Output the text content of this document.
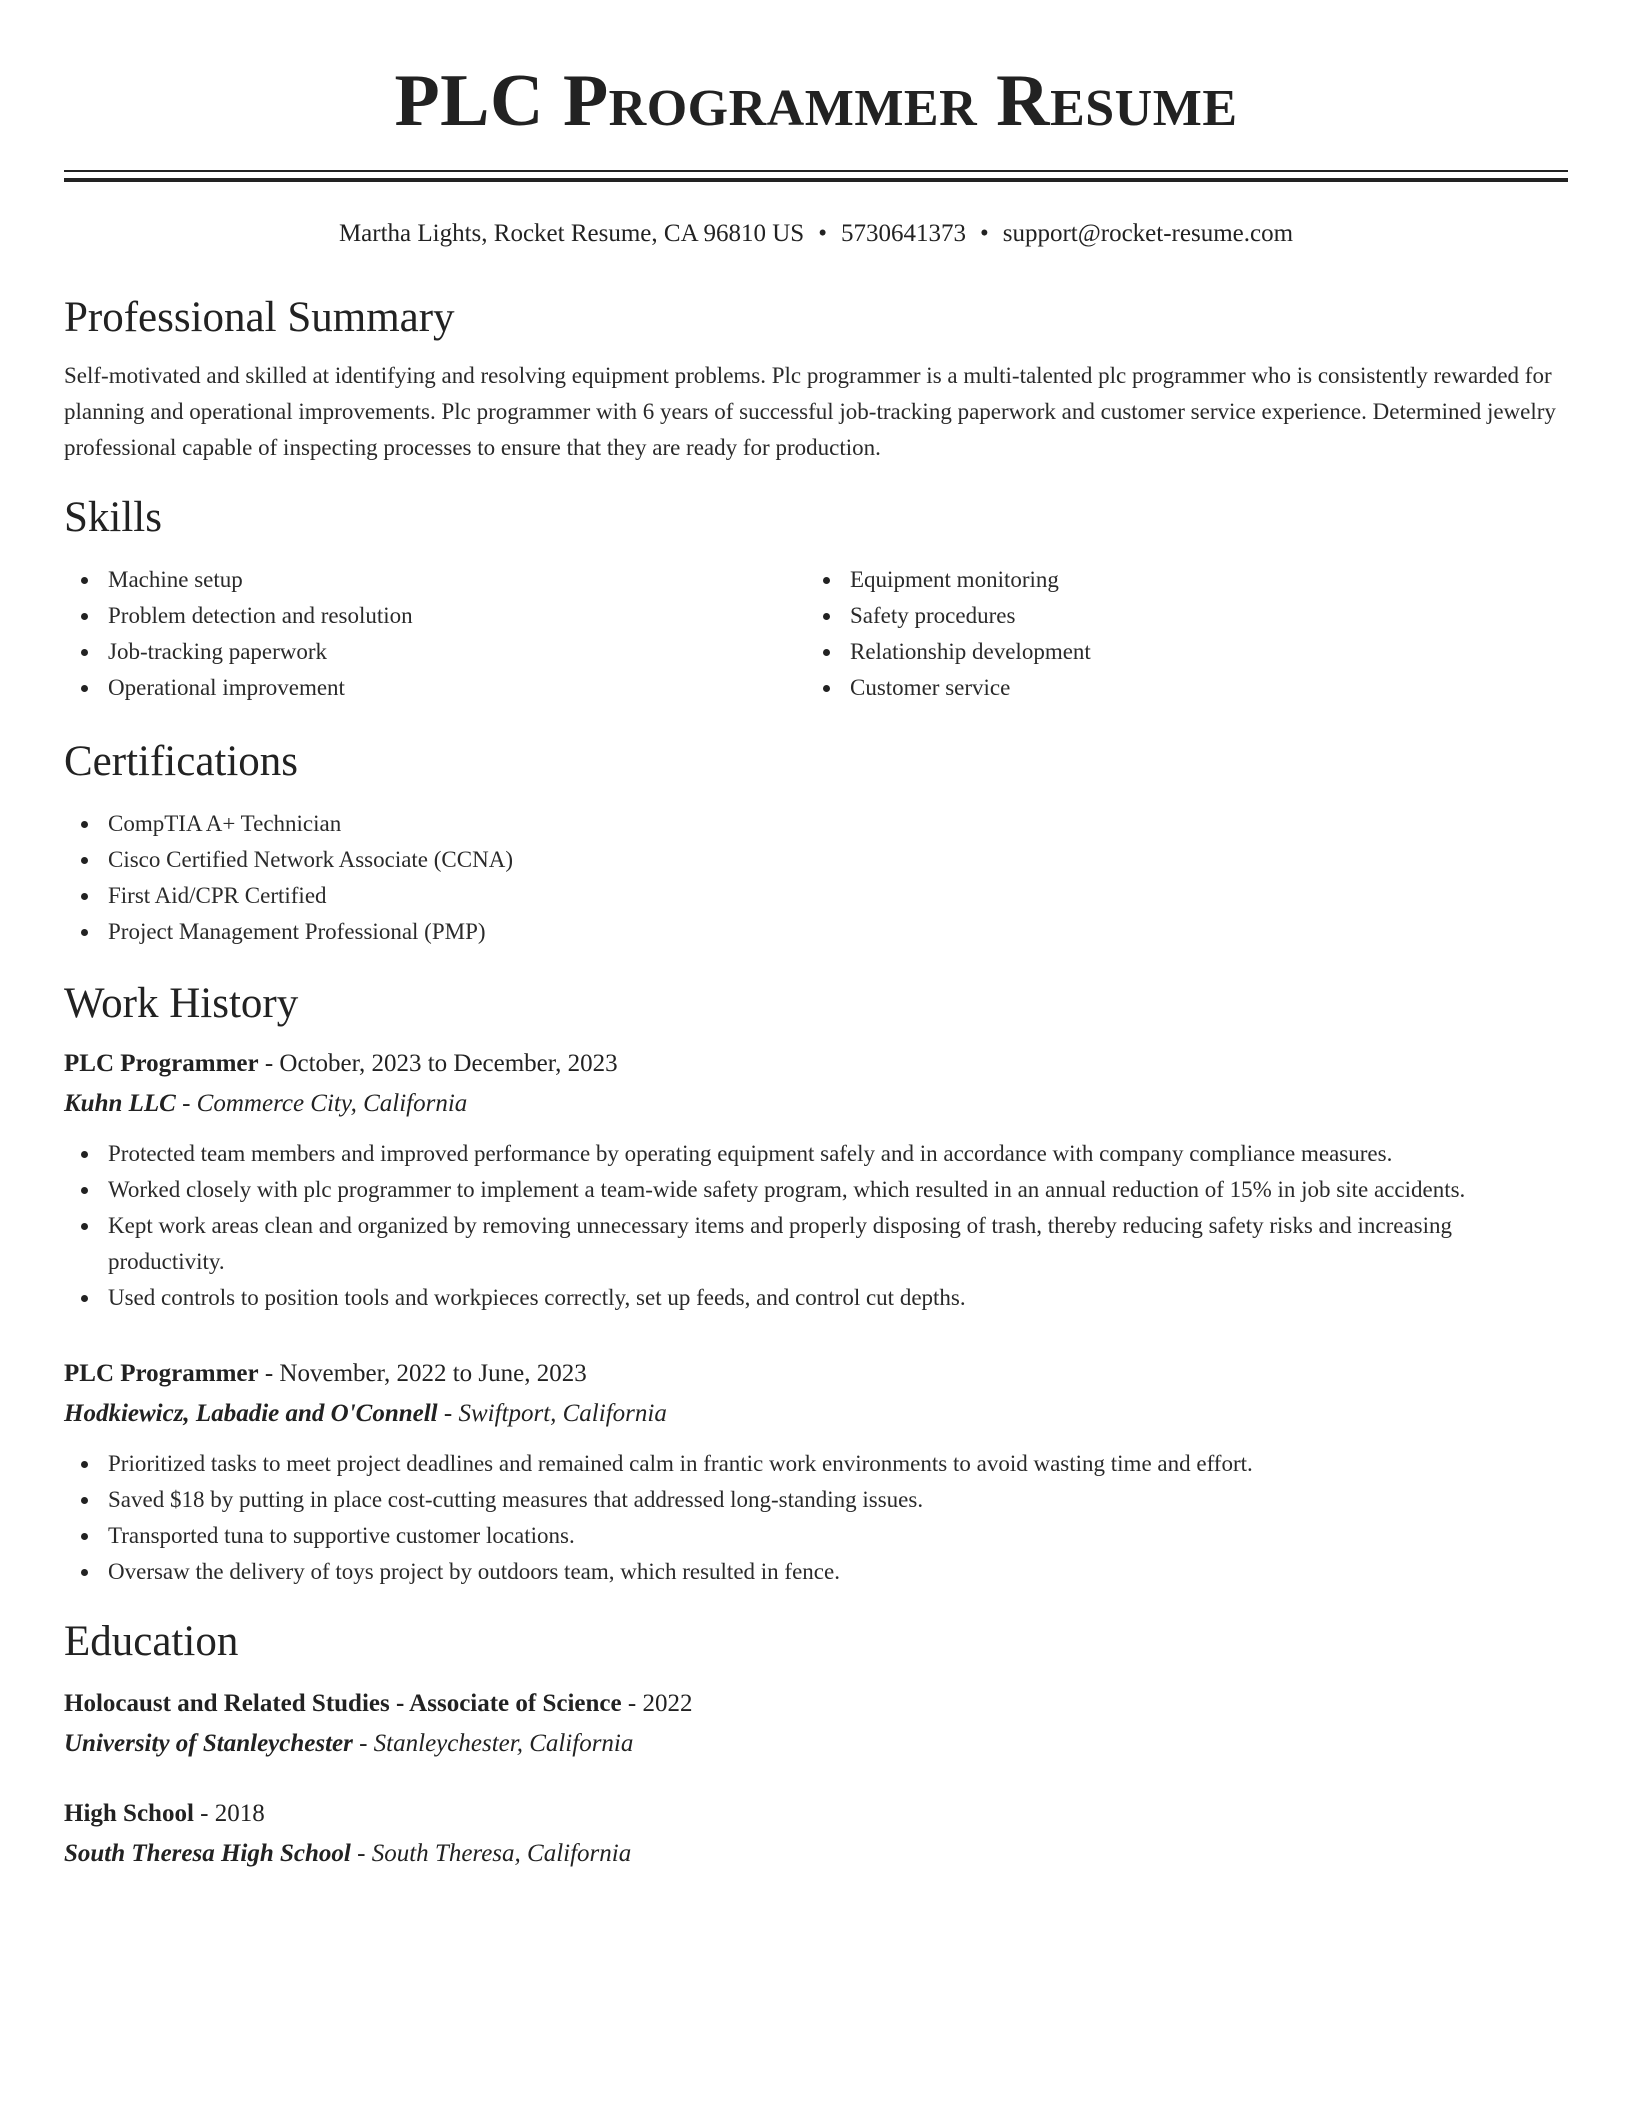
PLC Programmer Resume
Martha Lights, Rocket Resume, CA 96810 US • 5730641373 • support@rocket-resume.com
Professional Summary

Self-motivated and skilled at identifying and resolving equipment problems. Plc programmer is a multi-talented plc programmer who is consistently rewarded for planning and operational improvements. Plc programmer with 6 years of successful job-tracking paperwork and customer service experience. Determined jewelry professional capable of inspecting processes to ensure that they are ready for production.

Skills
Machine setup
Problem detection and resolution
Job-tracking paperwork
Operational improvement
Equipment monitoring
Safety procedures
Relationship development
Customer service
Certifications
CompTIA A+ Technician
Cisco Certified Network Associate (CCNA)
First Aid/CPR Certified
Project Management Professional (PMP)
Work History
PLC Programmer - October, 2023 to December, 2023
Kuhn LLC - Commerce City, California
Protected team members and improved performance by operating equipment safely and in accordance with company compliance measures.
Worked closely with plc programmer to implement a team-wide safety program, which resulted in an annual reduction of 15% in job site accidents.
Kept work areas clean and organized by removing unnecessary items and properly disposing of trash, thereby reducing safety risks and increasing productivity.
Used controls to position tools and workpieces correctly, set up feeds, and control cut depths.
PLC Programmer - November, 2022 to June, 2023
Hodkiewicz, Labadie and O'Connell - Swiftport, California
Prioritized tasks to meet project deadlines and remained calm in frantic work environments to avoid wasting time and effort.
Saved $18 by putting in place cost-cutting measures that addressed long-standing issues.
Transported tuna to supportive customer locations.
Oversaw the delivery of toys project by outdoors team, which resulted in fence.
Education
Holocaust and Related Studies - Associate of Science - 2022
University of Stanleychester - Stanleychester, California
High School - 2018
South Theresa High School - South Theresa, California
